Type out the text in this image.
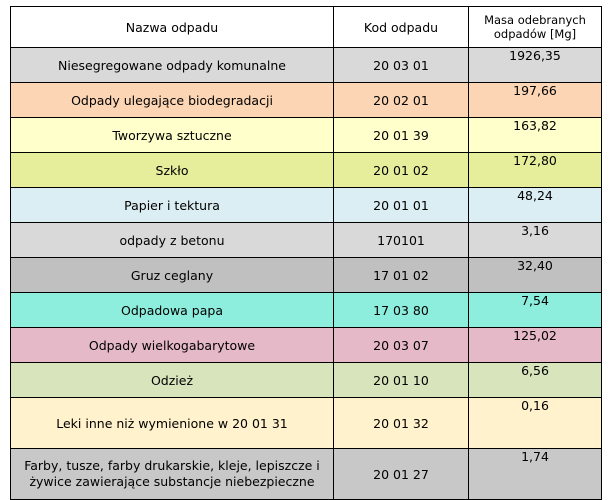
Nazwa odpadu	Kod odpadu	Masa odebranych odpadów [Mg]
Niesegregowane odpady komunalne	20 03 01	1926,35
Odpady ulegające biodegradacji	20 02 01	197,66
Tworzywa sztuczne	20 01 39	163,82
Szkło	20 01 02	172,80
Papier i tektura	20 01 01	48,24
odpady z betonu	170101	3,16
Gruz ceglany	17 01 02	32,40
Odpadowa papa	17 03 80	7,54
Odpady wielkogabarytowe	20 03 07	125,02
Odzież	20 01 10	6,56
Leki inne niż wymienione w 20 01 31	20 01 32	0,16
Farby, tusze, farby drukarskie, kleje, lepiszcze i żywice zawierające substancje niebezpieczne	20 01 27	1,74
